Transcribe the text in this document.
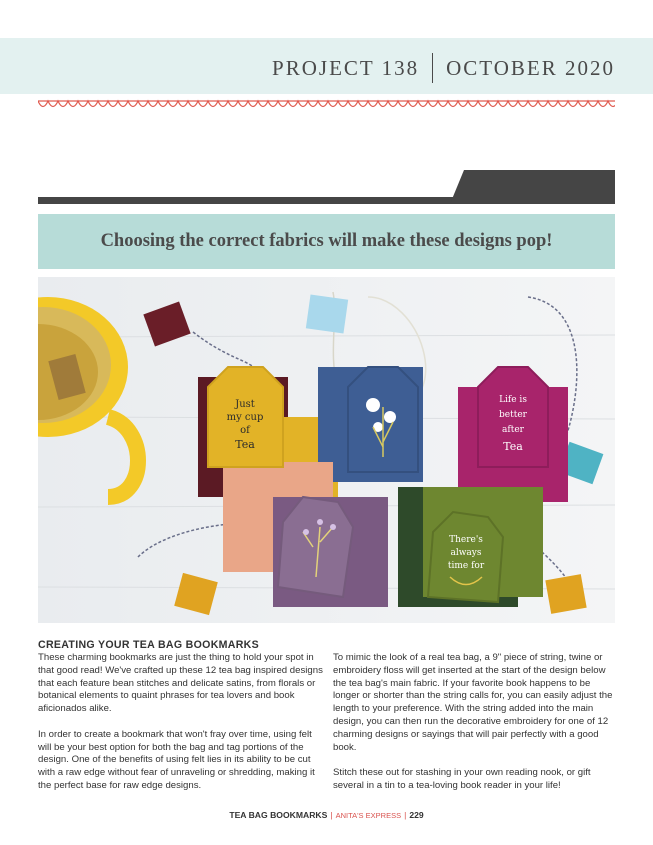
PROJECT 138 OCTOBER 2020
Choosing the correct fabrics will make these designs pop!
Just
my cup
of
Tea
Life is
better
after
Tea
There's
always
time for
CREATING YOUR TEA BAG BOOKMARKS

These charming bookmarks are just the thing to hold your spot in that good read! We've crafted up these 12 tea bag inspired designs that each feature bean stitches and delicate satins, from florals or botanical elements to quaint phrases for tea lovers and book aficionados alike.

In order to create a bookmark that won't fray over time, using felt will be your best option for both the bag and tag portions of the design. One of the benefits of using felt lies in its ability to be cut with a raw edge without fear of unraveling or shredding, making it the perfect base for raw edge designs.

To mimic the look of a real tea bag, a 9" piece of string, twine or embroidery floss will get inserted at the start of the design below the tea bag's main fabric. If your favorite book happens to be longer or shorter than the string calls for, you can easily adjust the length to your preference. With the string added into the main design, you can then run the decorative embroidery for one of 12 charming designs or sayings that will pair perfectly with a good book.

Stitch these out for stashing in your own reading nook, or gift several in a tin to a tea-loving book reader in your life!

TEA BAG BOOKMARKS | ANITA'S EXPRESS | 229
